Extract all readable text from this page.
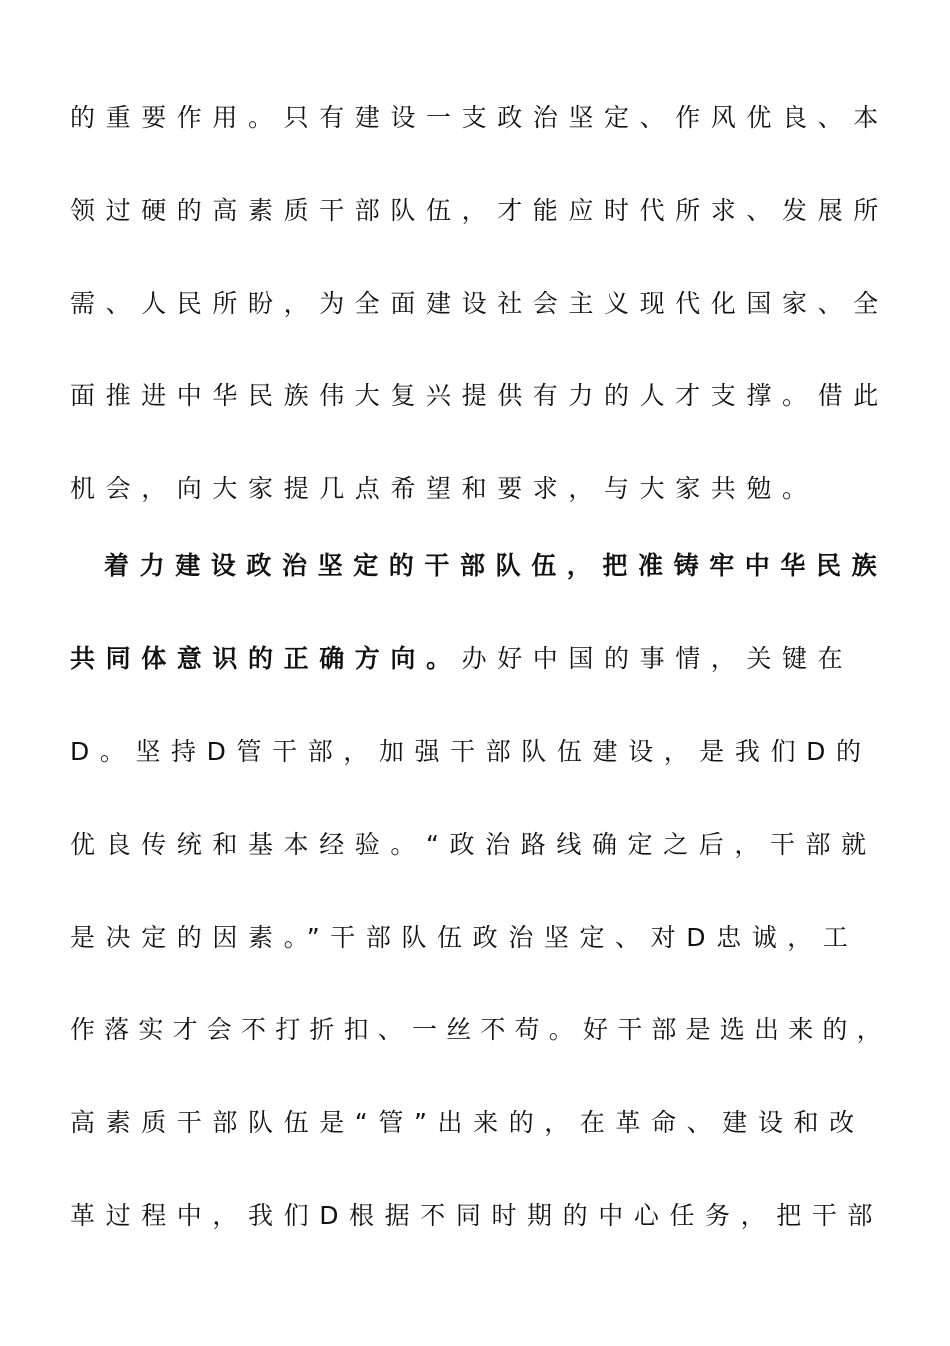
的重要作用。只有建设一支政治坚定、作风优良、本
领过硬的高素质干部队伍，才能应时代所求、发展所
需、人民所盼，为全面建设社会主义现代化国家、全
面推进中华民族伟大复兴提供有力的人才支撑。借此
机会，向大家提几点希望和要求，与大家共勉。
着力建设政治坚定的干部队伍，把准铸牢中华民族
共同体意识的正确方向。办好中国的事情，关键在
D。坚持D管干部，加强干部队伍建设，是我们D的
优良传统和基本经验。“政治路线确定之后，干部就
是决定的因素。”干部队伍政治坚定、对D忠诚，工
作落实才会不打折扣、一丝不苟。好干部是选出来的，
高素质干部队伍是“管”出来的，在革命、建设和改
革过程中，我们D根据不同时期的中心任务，把干部
